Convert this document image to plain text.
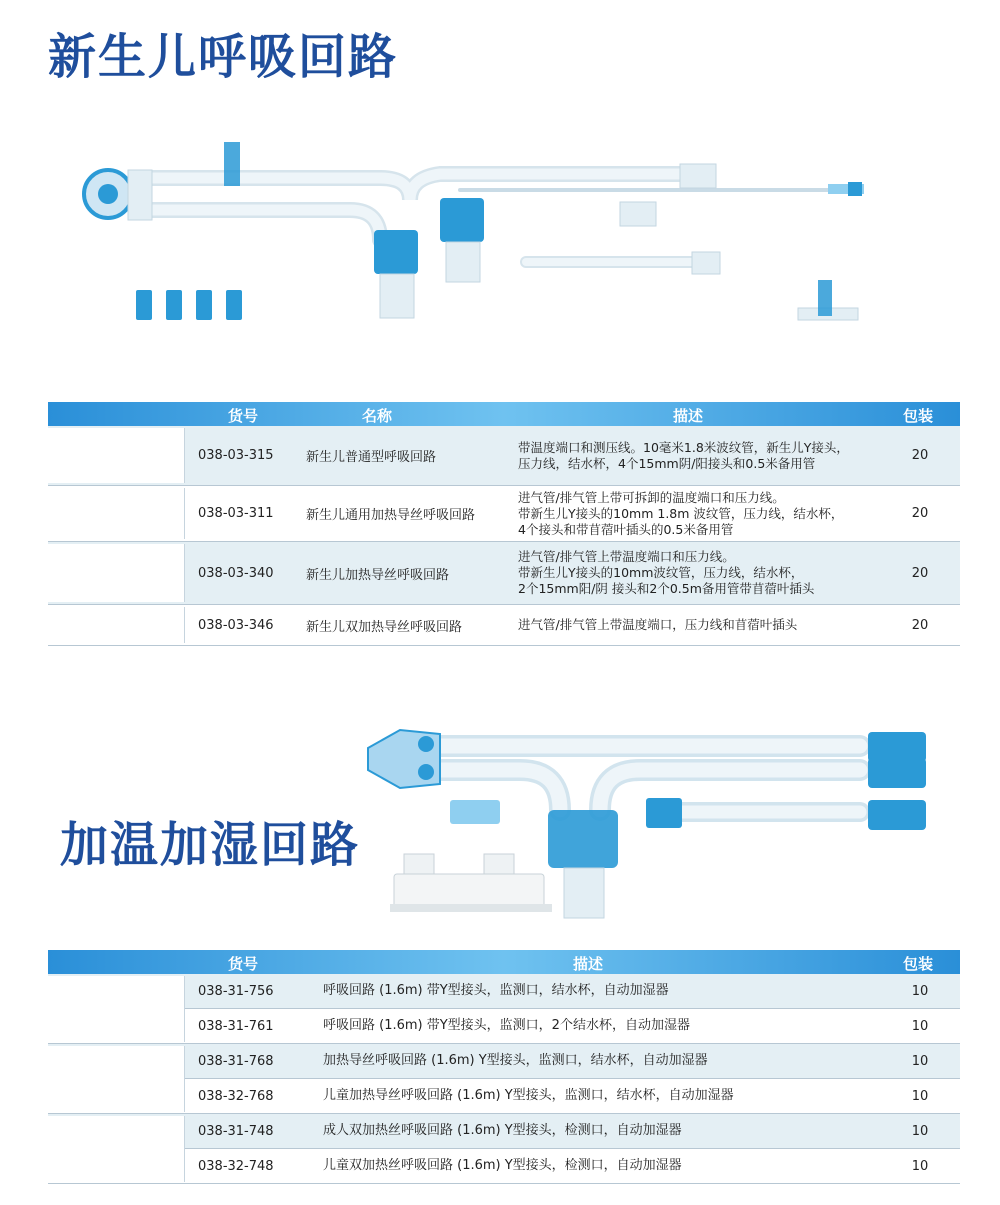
新生儿呼吸回路
货号	名称	描述	包装
038-03-315 新生儿普通型呼吸回路
带温度端口和测压线。10毫米1.8米波纹管，新生儿Y接头，
压力线，结水杯，4个15mm阴/阳接头和0.5米备用管	20
038-03-311 新生儿通用加热导丝呼吸回路
进气管/排气管上带可拆卸的温度端口和压力线。
带新生儿Y接头的10mm 1.8m 波纹管，压力线，结水杯，
4个接头和带苜蓿叶插头的0.5米备用管
20
038-03-340 新生儿加热导丝呼吸回路
进气管/排气管上带温度端口和压力线。
带新生儿Y接头的10mm波纹管，压力线，结水杯，
2个15mm阳/阴 接头和2个0.5m备用管带苜蓿叶插头
20
038-03-346 新生儿双加热导丝呼吸回路	进气管/排气管上带温度端口，压力线和苜蓿叶插头	20
加温加湿回路
货号	描述	包装
038-31-756	呼吸回路 (1.6m) 带Y型接头，监测口，结水杯，自动加湿器	10
038-31-761	呼吸回路 (1.6m) 带Y型接头，监测口，2个结水杯，自动加湿器	10
038-31-768	加热导丝呼吸回路 (1.6m) Y型接头，监测口，结水杯，自动加湿器	10
038-32-768	儿童加热导丝呼吸回路 (1.6m) Y型接头，监测口，结水杯，自动加湿器	10
038-31-748	成人双加热丝呼吸回路 (1.6m) Y型接头，检测口，自动加湿器	10
038-32-748	儿童双加热丝呼吸回路 (1.6m) Y型接头，检测口，自动加湿器	10
